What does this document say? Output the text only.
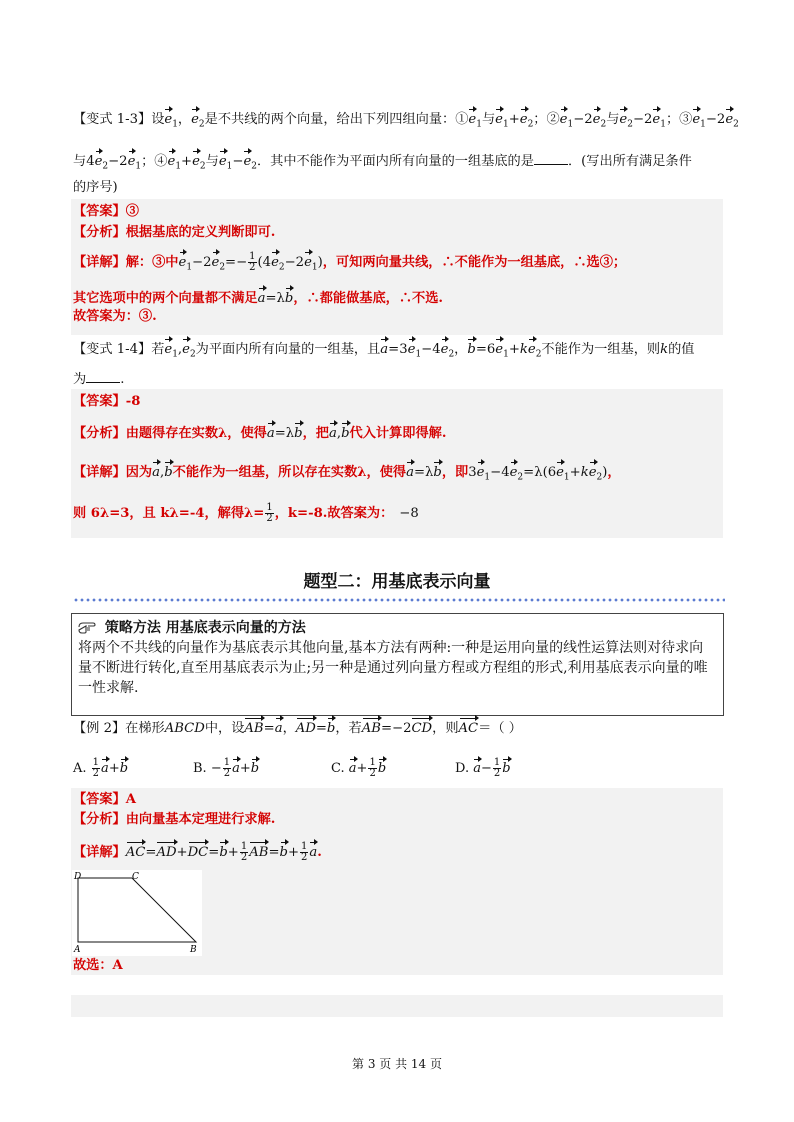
【变式 1-3】设$e_1$，$e_2$是不共线的两个向量，给出下列四组向量：$①e_1$与$e_1+e_2$；$②e_1-2e_2$与$e_2-2e_1$；$③e_1-2e_2$
与$4e_2-2e_1$；$④e_1+e_2$与$e_1-e_2$．其中不能作为平面内所有向量的一组基底的是	．(写出所有满足条件
的序号)
【答案】③
【分析】根据基底的定义判断即可.
【详解】解：③中$e_1-2e_2=- \frac{1}{2} (4e_2-2e_1)$，可知两向量共线，∴不能作为一组基底，∴选③；
其它选项中的两个向量都不满足a=λb，∴都能做基底，∴不选.
故答案为：③.
【变式 1-4】若$e_1,e_2$为平面内所有向量的一组基，且$a=3e_1-4e_2$，$b=6e_1+ke_2$不能作为一组基，则k的值
为	.
【答案】-8
【分析】由题得存在实数λ，使得a=λb，把a,b代入计算即得解.
【详解】因为a,b不能作为一组基，所以存在实数λ，使得a=λb，即$3e_1-4e_2=\lambda(6e_1+ke_2)$，
则 6λ=3，且 kλ=-4，解得$\lambda= \frac{1}{2}$ ，k=-8.故答案为： −8
题型二：用基底表示向量
策略方法 用基底表示向量的方法
将两个不共线的向量作为基底表示其他向量,基本方法有两种:一种是运用向量的线性运算法则对待求向量不断进行转化,直至用基底表示为止;另一种是通过列向量方程或方程组的形式,利用基底表示向量的唯一性求解.
【例 2】在梯形ABCD中，设AB=a，AD=b，若AB=−2CD，则AC＝（ ）
A. $\frac{1}{2} a+b$	B. − $\frac{1}{2} a+b$	C. $a+ \frac{1}{2}$ b	D. $a- \frac{1}{2}$ b
【答案】A
【分析】由向量基本定理进行求解.
【详解】$AC=AD+DC=b+ \frac{1}{2} AB=b+ \frac{1}{2} a$.
D	C
A	B
故选：A
第 3 页 共 14 页
